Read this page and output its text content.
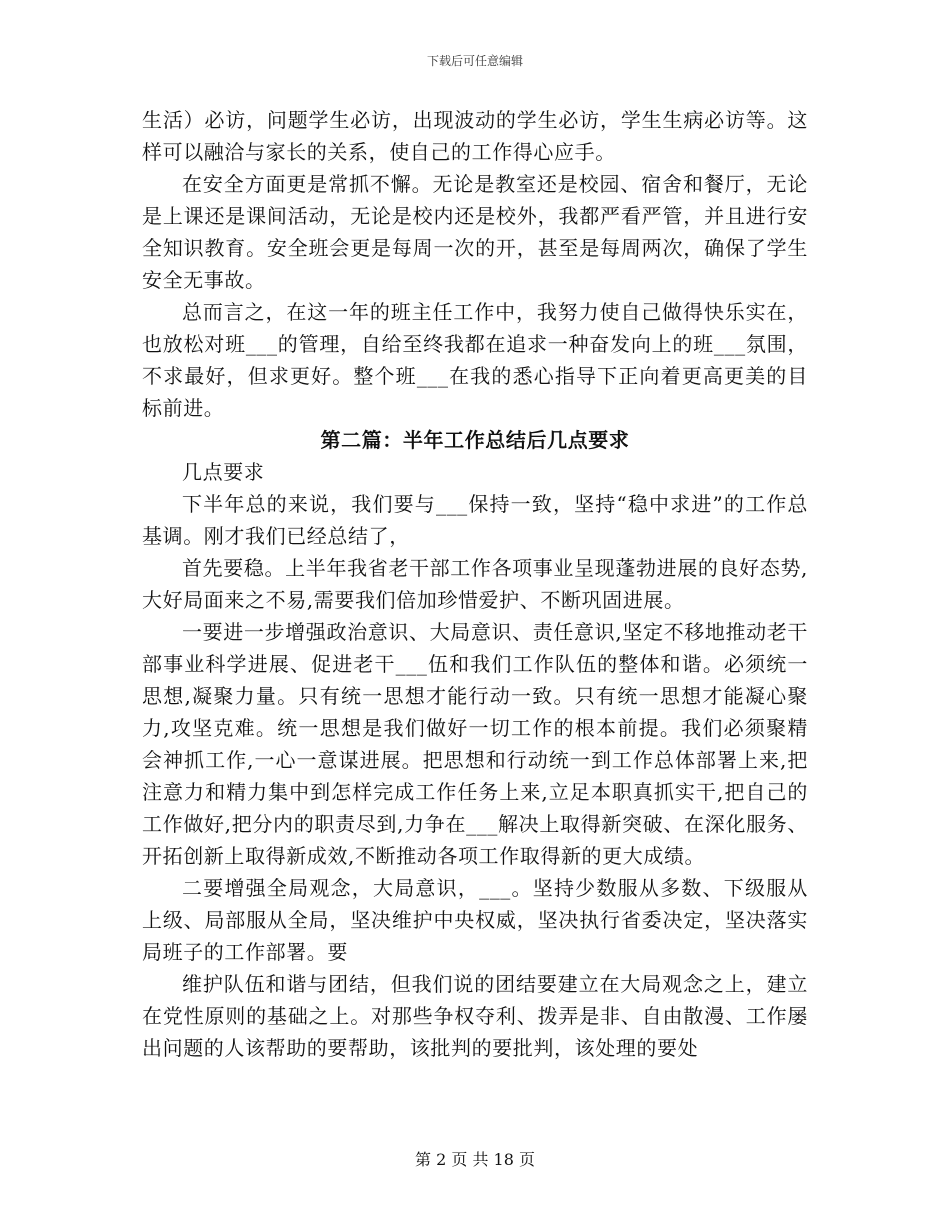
下载后可任意编辑

生活）必访，问题学生必访，出现波动的学生必访，学生生病必访等。这样可以融洽与家长的关系，使自己的工作得心应手。

在安全方面更是常抓不懈。无论是教室还是校园、宿舍和餐厅，无论是上课还是课间活动，无论是校内还是校外，我都严看严管，并且进行安全知识教育。安全班会更是每周一次的开，甚至是每周两次，确保了学生安全无事故。

总而言之，在这一年的班主任工作中，我努力使自己做得快乐实在，也放松对班___的管理，自给至终我都在追求一种奋发向上的班___氛围，不求最好，但求更好。整个班___在我的悉心指导下正向着更高更美的目标前进。

第二篇：半年工作总结后几点要求

几点要求

下半年总的来说，我们要与___保持一致，坚持“稳中求进”的工作总基调。刚才我们已经总结了，

首先要稳。上半年我省老干部工作各项事业呈现蓬勃进展的良好态势,大好局面来之不易,需要我们倍加珍惜爱护、不断巩固进展。

一要进一步增强政治意识、大局意识、责任意识,坚定不移地推动老干部事业科学进展、促进老干___伍和我们工作队伍的整体和谐。必须统一思想,凝聚力量。只有统一思想才能行动一致。只有统一思想才能凝心聚力,攻坚克难。统一思想是我们做好一切工作的根本前提。我们必须聚精会神抓工作,一心一意谋进展。把思想和行动统一到工作总体部署上来,把注意力和精力集中到怎样完成工作任务上来,立足本职真抓实干,把自己的工作做好,把分内的职责尽到,力争在___解决上取得新突破、在深化服务、开拓创新上取得新成效,不断推动各项工作取得新的更大成绩。

二要增强全局观念，大局意识，___。坚持少数服从多数、下级服从上级、局部服从全局，坚决维护中央权威，坚决执行省委决定，坚决落实局班子的工作部署。要

维护队伍和谐与团结，但我们说的团结要建立在大局观念之上，建立在党性原则的基础之上。对那些争权夺利、拨弄是非、自由散漫、工作屡出问题的人该帮助的要帮助，该批判的要批判，该处理的要处

第 2 页 共 18 页
